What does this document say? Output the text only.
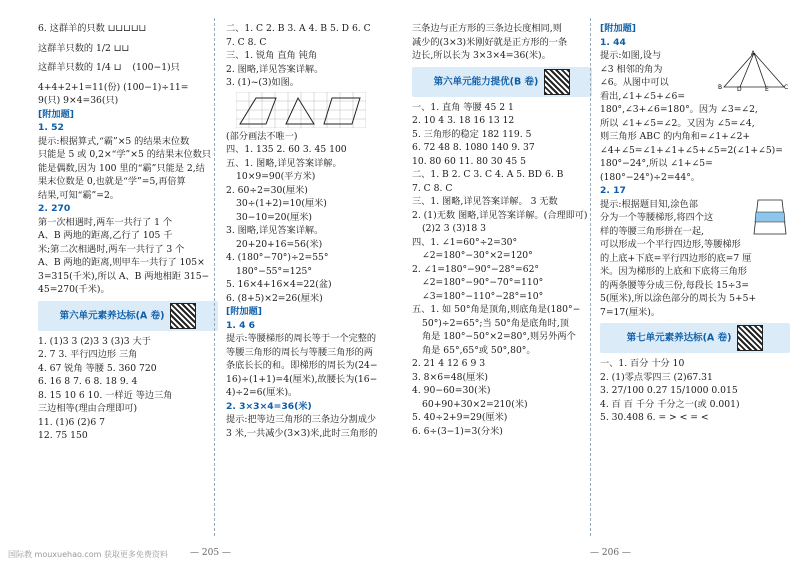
6. 这群羊的只数 ⊔⊔⊔⊔⊔
这群羊只数的 1/2 ⊔⊔
这群羊只数的 1/4 ⊔ (100−1)只
4+4+2+1=11(份) (100−1)÷11=
9(只) 9×4=36(只)
[附加题]
1. 52
提示:根据算式,“霸”×5 的结果末位数
只能是 5 或 0,2×“学”×5 的结果末位数只
能是偶数,因为 100 里的“霸”只能是 2,结
果末位数是 0,也就是“学”=5,再倍算
结果,可知“霸”=2。
2. 270
第一次相遇时,两车一共行了 1 个
A、B 两地的距离,乙行了 105 千
米;第二次相遇时,两车一共行了 3 个
A、B 两地的距离,则甲车一共行了 105×
3=315(千米),所以 A、B 两地相距 315−
45=270(千米)。
第六单元素养达标(A 卷)
1. (1)3 3 (2)3 3 (3)3 大于
2. 7 3. 平行四边形 三角
4. 67 锐角 等腰 5. 360 720
6. 16 8 7. 6 8. 18 9. 4
8. 15 10 6 10. 一样近 等边三角
三边相等(理由合理即可)
11. (1)6 (2)6 7
12. 75 150
二、1. C 2. B 3. A 4. B 5. D 6. C
7. C 8. C
三、1. 锐角 直角 钝角
2. 图略,详见答案详解。
3. (1)~(3)如图。
(部分画法不唯一)
四、1. 135 2. 60 3. 45 100
五、1. 图略,详见答案详解。
10×9=90(平方米)
2. 60÷2=30(厘米)
30÷(1+2)=10(厘米)
30−10=20(厘米)
3. 图略,详见答案详解。
20+20+16=56(米)
4. (180°−70°)÷2=55°
180°−55°=125°
5. 16×4+16×4=22(盆)
6. (8+5)×2=26(厘米)
[附加题]
1. 4 6
提示:等腰梯形的周长等于一个完整的
等腰三角形的周长与等腰三角形的两
条底长长的和。即梯形的周长为(24−
16)÷(1+1)=4(厘米),故腰长为(16−
4)÷2=6(厘米)。
2. 3×3×4=36(米)
提示:把等边三角形的三条边分割成少
3 米,一共减少(3×3)米,此时三角形的
— 205 —
国际教 mouxuehao.com 获取更多免费资料
三条边与正方形的三条边长度相同,则
减少的(3×3)米刚好就是正方形的一条
边长,所以长为 3×3×4=36(米)。
第六单元能力提优(B 卷)
一、1. 直角 等腰 45 2 1
2. 10 4 3. 18 16 13 12
5. 三角形的稳定 182 119. 5
6. 72 48 8. 1080 140 9. 37
10. 80 60 11. 80 30 45 5
二、1. B 2. C 3. C 4. A 5. BD 6. B
7. C 8. C
三、1. 图略,详见答案详解。 3 无数
2. (1)无数 图略,详见答案详解。(合理即可)
(2)2 3 (3)18 3
四、1. ∠1=60°÷2=30°
∠2=180°−30°×2=120°
2. ∠1=180°−90°−28°=62°
∠2=180°−90°−70°=110°
∠3=180°−110°−28°=10°
五、1. 如 50°角是顶角,则底角是(180°−
50°)÷2=65°;当 50°角是底角时,顶
角是 180°−50°×2=80°,则另外两个
角是 65°,65°或 50°,80°。
2. 21 4 12 6 9 3
3. 8×6=48(厘米)
4. 90−60=30(米)
60+90+30×2=210(米)
5. 40÷2+9=29(厘米)
6. 6÷(3−1)=3(分米)
[附加题]
1. 44
A
B	C
D	E
提示:如图,设与
∠3 相邻的角为
∠6。从图中可以
看出,∠1+∠5+∠6=
180°,∠3+∠6=180°。因为 ∠3=∠2,
所以 ∠1+∠5=∠2。又因为 ∠5=∠4,
则三角形 ABC 的内角和=∠1+∠2+
∠4+∠5=∠1+∠1+∠5+∠5=2(∠1+∠5)=
180°−24°,所以 ∠1+∠5=
(180°−24°)÷2=44°。
2. 17
提示:根据题目知,涂色部
分为一个等腰梯形,将四个这
样的等腰三角形拼在一起,
可以形成一个平行四边形,等腰梯形
的上底+下底=平行四边形的底=7 厘
米。因为梯形的上底和下底将三角形
的两条腰等分成三份,每段长 15÷3=
5(厘米),所以涂色部分的周长为 5+5+
7=17(厘米)。
第七单元素养达标(A 卷)
一、1. 百分 十分 10
2. (1)零点零四三 (2)67.31
3. 27/100 0.27 15/1000 0.015
4. 百 百 千分 千分之一(或 0.001)
5. 30.408 6. = > < = <
— 206 —
